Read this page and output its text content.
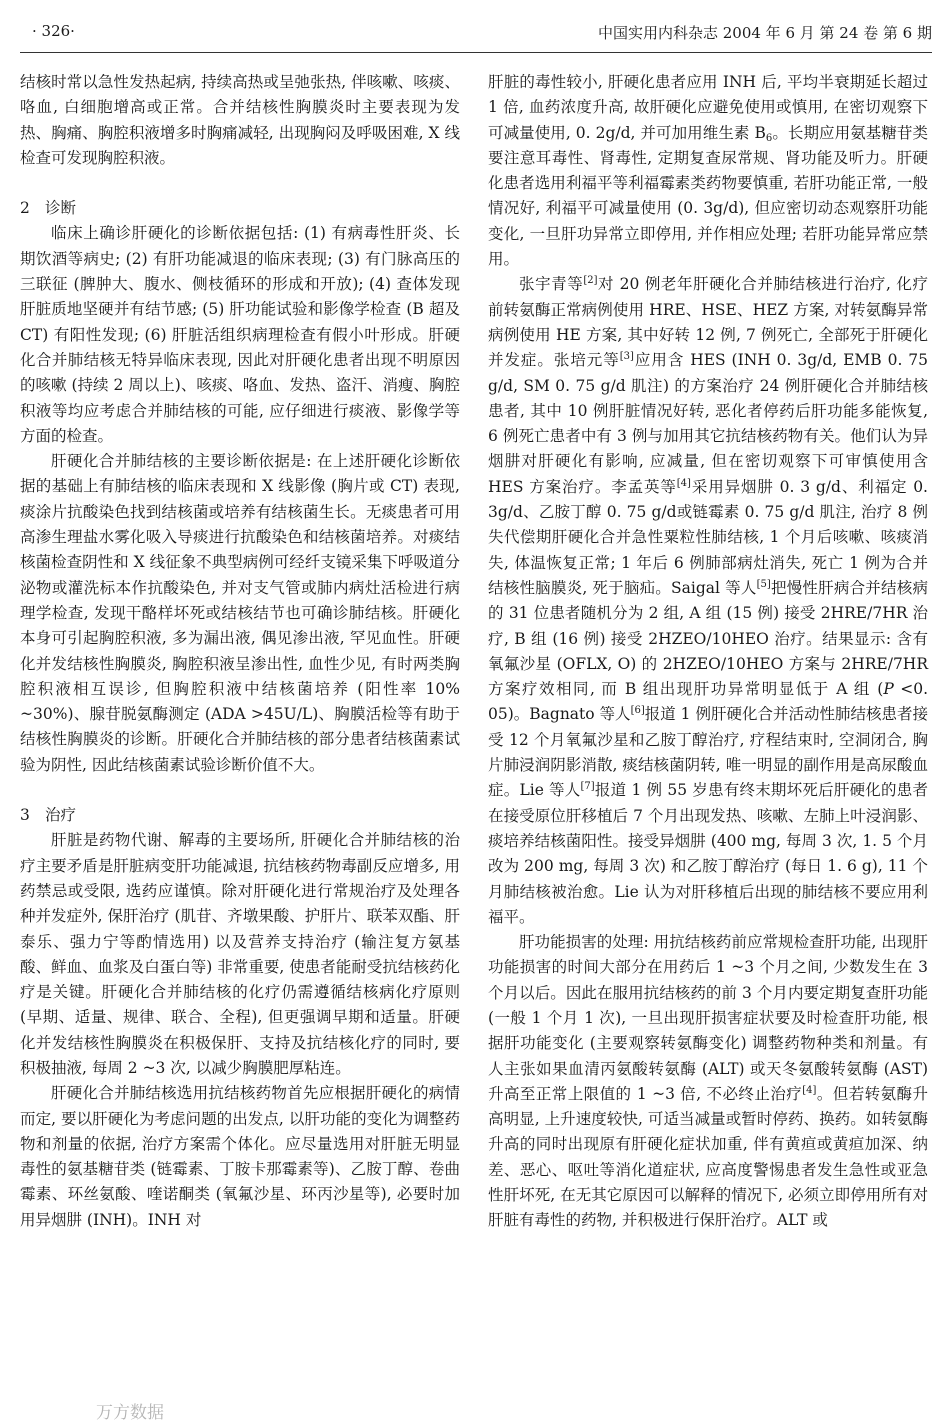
· 326·	中国实用内科杂志 2004 年 6 月 第 24 卷 第 6 期

结核时常以急性发热起病, 持续高热或呈弛张热, 伴咳嗽、咳痰、咯血, 白细胞增高或正常。合并结核性胸膜炎时主要表现为发热、胸痛、胸腔积液增多时胸痛减轻, 出现胸闷及呼吸困难, X 线检查可发现胸腔积液。

2 诊断

临床上确诊肝硬化的诊断依据包括: (1) 有病毒性肝炎、长期饮酒等病史; (2) 有肝功能减退的临床表现; (3) 有门脉高压的三联征 (脾肿大、腹水、侧枝循环的形成和开放); (4) 查体发现肝脏质地坚硬并有结节感; (5) 肝功能试验和影像学检查 (B 超及 CT) 有阳性发现; (6) 肝脏活组织病理检查有假小叶形成。肝硬化合并肺结核无特异临床表现, 因此对肝硬化患者出现不明原因的咳嗽 (持续 2 周以上)、咳痰、咯血、发热、盗汗、消瘦、胸腔积液等均应考虑合并肺结核的可能, 应仔细进行痰液、影像学等方面的检查。

肝硬化合并肺结核的主要诊断依据是: 在上述肝硬化诊断依据的基础上有肺结核的临床表现和 X 线影像 (胸片或 CT) 表现, 痰涂片抗酸染色找到结核菌或培养有结核菌生长。无痰患者可用高渗生理盐水雾化吸入导痰进行抗酸染色和结核菌培养。对痰结核菌检查阴性和 X 线征象不典型病例可经纤支镜采集下呼吸道分泌物或灌洗标本作抗酸染色, 并对支气管或肺内病灶活检进行病理学检查, 发现干酪样坏死或结核结节也可确诊肺结核。肝硬化本身可引起胸腔积液, 多为漏出液, 偶见渗出液, 罕见血性。肝硬化并发结核性胸膜炎, 胸腔积液呈渗出性, 血性少见, 有时两类胸腔积液相互误诊, 但胸腔积液中结核菌培养 (阳性率 10% ~30%)、腺苷脱氨酶测定 (ADA >45U/L)、胸膜活检等有助于结核性胸膜炎的诊断。肝硬化合并肺结核的部分患者结核菌素试验为阴性, 因此结核菌素试验诊断价值不大。

3 治疗

肝脏是药物代谢、解毒的主要场所, 肝硬化合并肺结核的治疗主要矛盾是肝脏病变肝功能减退, 抗结核药物毒副反应增多, 用药禁忌或受限, 选药应谨慎。除对肝硬化进行常规治疗及处理各种并发症外, 保肝治疗 (肌苷、齐墩果酸、护肝片、联苯双酯、肝泰乐、强力宁等酌情选用) 以及营养支持治疗 (输注复方氨基酸、鲜血、血浆及白蛋白等) 非常重要, 使患者能耐受抗结核药化疗是关键。肝硬化合并肺结核的化疗仍需遵循结核病化疗原则 (早期、适量、规律、联合、全程), 但更强调早期和适量。肝硬化并发结核性胸膜炎在积极保肝、支持及抗结核化疗的同时, 要积极抽液, 每周 2 ~3 次, 以减少胸膜肥厚粘连。

肝硬化合并肺结核选用抗结核药物首先应根据肝硬化的病情而定, 要以肝硬化为考虑问题的出发点, 以肝功能的变化为调整药物和剂量的依据, 治疗方案需个体化。应尽量选用对肝脏无明显毒性的氨基糖苷类 (链霉素、丁胺卡那霉素等)、乙胺丁醇、卷曲霉素、环丝氨酸、喹诺酮类 (氧氟沙星、环丙沙星等), 必要时加用异烟肼 (INH)。INH 对

肝脏的毒性较小, 肝硬化患者应用 INH 后, 平均半衰期延长超过 1 倍, 血药浓度升高, 故肝硬化应避免使用或慎用, 在密切观察下可减量使用, 0. 2g/d, 并可加用维生素 $B_6$。长期应用氨基糖苷类要注意耳毒性、肾毒性, 定期复查尿常规、肾功能及听力。肝硬化患者选用利福平等利福霉素类药物要慎重, 若肝功能正常, 一般情况好, 利福平可减量使用 (0. 3g/d), 但应密切动态观察肝功能变化, 一旦肝功异常立即停用, 并作相应处理; 若肝功能异常应禁用。

张宇青等[2]对 20 例老年肝硬化合并肺结核进行治疗, 化疗前转氨酶正常病例使用 HRE、HSE、HEZ 方案, 对转氨酶异常病例使用 HE 方案, 其中好转 12 例, 7 例死亡, 全部死于肝硬化并发症。张培元等[3]应用含 HES (INH 0. 3g/d, EMB 0. 75 g/d, SM 0. 75 g/d 肌注) 的方案治疗 24 例肝硬化合并肺结核患者, 其中 10 例肝脏情况好转, 恶化者停药后肝功能多能恢复, 6 例死亡患者中有 3 例与加用其它抗结核药物有关。他们认为异烟肼对肝硬化有影响, 应减量, 但在密切观察下可审慎使用含 HES 方案治疗。李孟英等[4]采用异烟肼 0. 3 g/d、利福定 0. 3g/d、乙胺丁醇 0. 75 g/d或链霉素 0. 75 g/d 肌注, 治疗 8 例失代偿期肝硬化合并急性粟粒性肺结核, 1 个月后咳嗽、咳痰消失, 体温恢复正常; 1 年后 6 例肺部病灶消失, 死亡 1 例为合并结核性脑膜炎, 死于脑疝。Saigal 等人[5]把慢性肝病合并结核病的 31 位患者随机分为 2 组, A 组 (15 例) 接受 2HRE/7HR 治疗, B 组 (16 例) 接受 2HZEO/10HEO 治疗。结果显示: 含有氧氟沙星 (OFLX, O) 的 2HZEO/10HEO 方案与 2HRE/7HR 方案疗效相同, 而 B 组出现肝功异常明显低于 A 组 (P <0. 05)。Bagnato 等人[6]报道 1 例肝硬化合并活动性肺结核患者接受 12 个月氧氟沙星和乙胺丁醇治疗, 疗程结束时, 空洞闭合, 胸片肺浸润阴影消散, 痰结核菌阴转, 唯一明显的副作用是高尿酸血症。Lie 等人[7]报道 1 例 55 岁患有终末期坏死后肝硬化的患者在接受原位肝移植后 7 个月出现发热、咳嗽、左肺上叶浸润影、痰培养结核菌阳性。接受异烟肼 (400 mg, 每周 3 次, 1. 5 个月改为 200 mg, 每周 3 次) 和乙胺丁醇治疗 (每日 1. 6 g), 11 个月肺结核被治愈。Lie 认为对肝移植后出现的肺结核不要应用利福平。

肝功能损害的处理: 用抗结核药前应常规检查肝功能, 出现肝功能损害的时间大部分在用药后 1 ~3 个月之间, 少数发生在 3 个月以后。因此在服用抗结核药的前 3 个月内要定期复查肝功能 (一般 1 个月 1 次), 一旦出现肝损害症状要及时检查肝功能, 根据肝功能变化 (主要观察转氨酶变化) 调整药物种类和剂量。有人主张如果血清丙氨酸转氨酶 (ALT) 或天冬氨酸转氨酶 (AST) 升高至正常上限值的 1 ~3 倍, 不必终止治疗[4]。但若转氨酶升高明显, 上升速度较快, 可适当减量或暂时停药、换药。如转氨酶升高的同时出现原有肝硬化症状加重, 伴有黄疸或黄疸加深、纳差、恶心、呕吐等消化道症状, 应高度警惕患者发生急性或亚急性肝坏死, 在无其它原因可以解释的情况下, 必须立即停用所有对肝脏有毒性的药物, 并积极进行保肝治疗。ALT 或

万方数据
